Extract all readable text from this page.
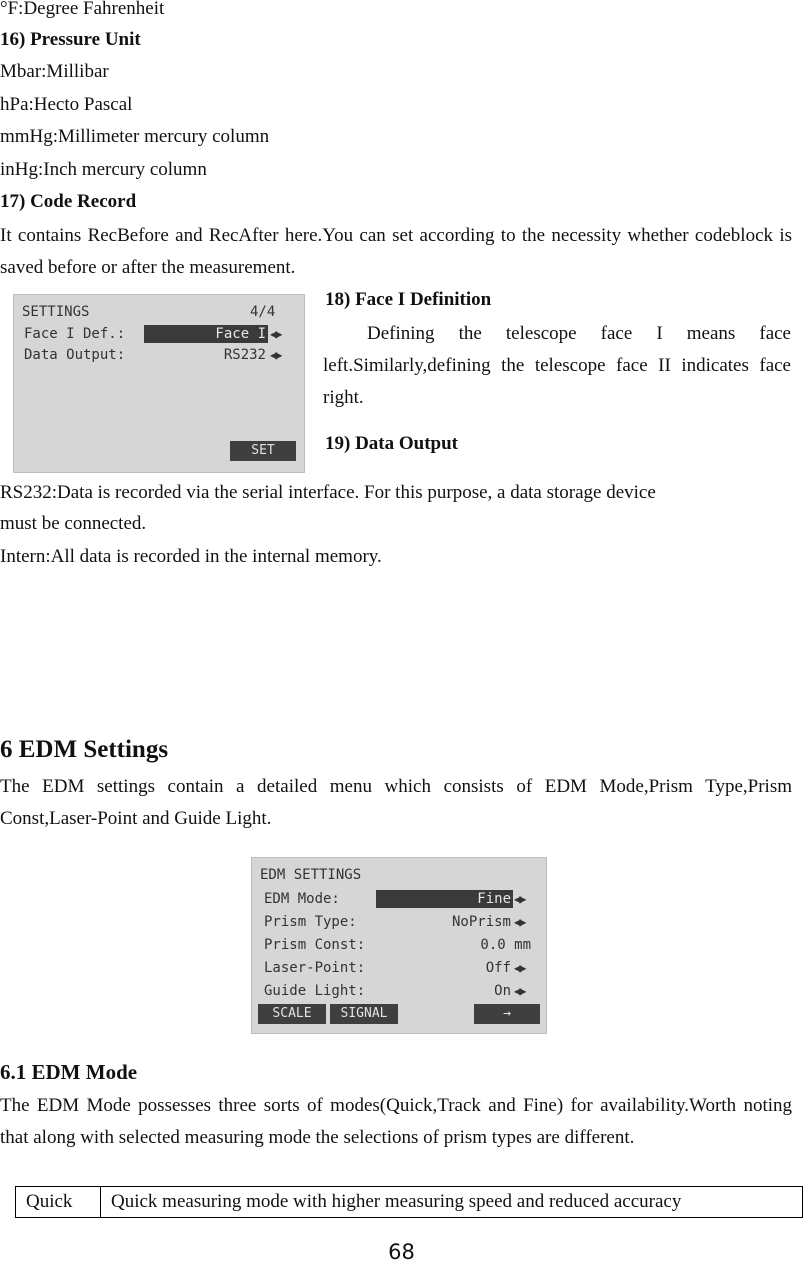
°F:Degree Fahrenheit
16) Pressure Unit
Mbar:Millibar
hPa:Hecto Pascal
mmHg:Millimeter mercury column
inHg:Inch mercury column
17) Code Record
It contains RecBefore and RecAfter here.You can set according to the necessity whether codeblock is saved before or after the measurement.
SETTINGS	4/4
Face I Def.:	Face I ◀▶
Data Output:	RS232 ◀▶
SET
18) Face I Definition
Defining the telescope face I means face left.Similarly,defining the telescope face II indicates face right.
19) Data Output
RS232:Data is recorded via the serial interface. For this purpose, a data storage device
must be connected.
Intern:All data is recorded in the internal memory.
6 EDM Settings
The EDM settings contain a detailed menu which consists of EDM Mode,Prism Type,Prism Const,Laser-Point and Guide Light.
EDM SETTINGS
EDM Mode:	Fine ◀▶
Prism Type:	NoPrism ◀▶
Prism Const:	0.0 mm
Laser-Point:	Off ◀▶
Guide Light:	On ◀▶
SCALE	SIGNAL	→
6.1 EDM Mode
The EDM Mode possesses three sorts of modes(Quick,Track and Fine) for availability.Worth noting that along with selected measuring mode the selections of prism types are different.
Quick	Quick measuring mode with higher measuring speed and reduced accuracy
68
